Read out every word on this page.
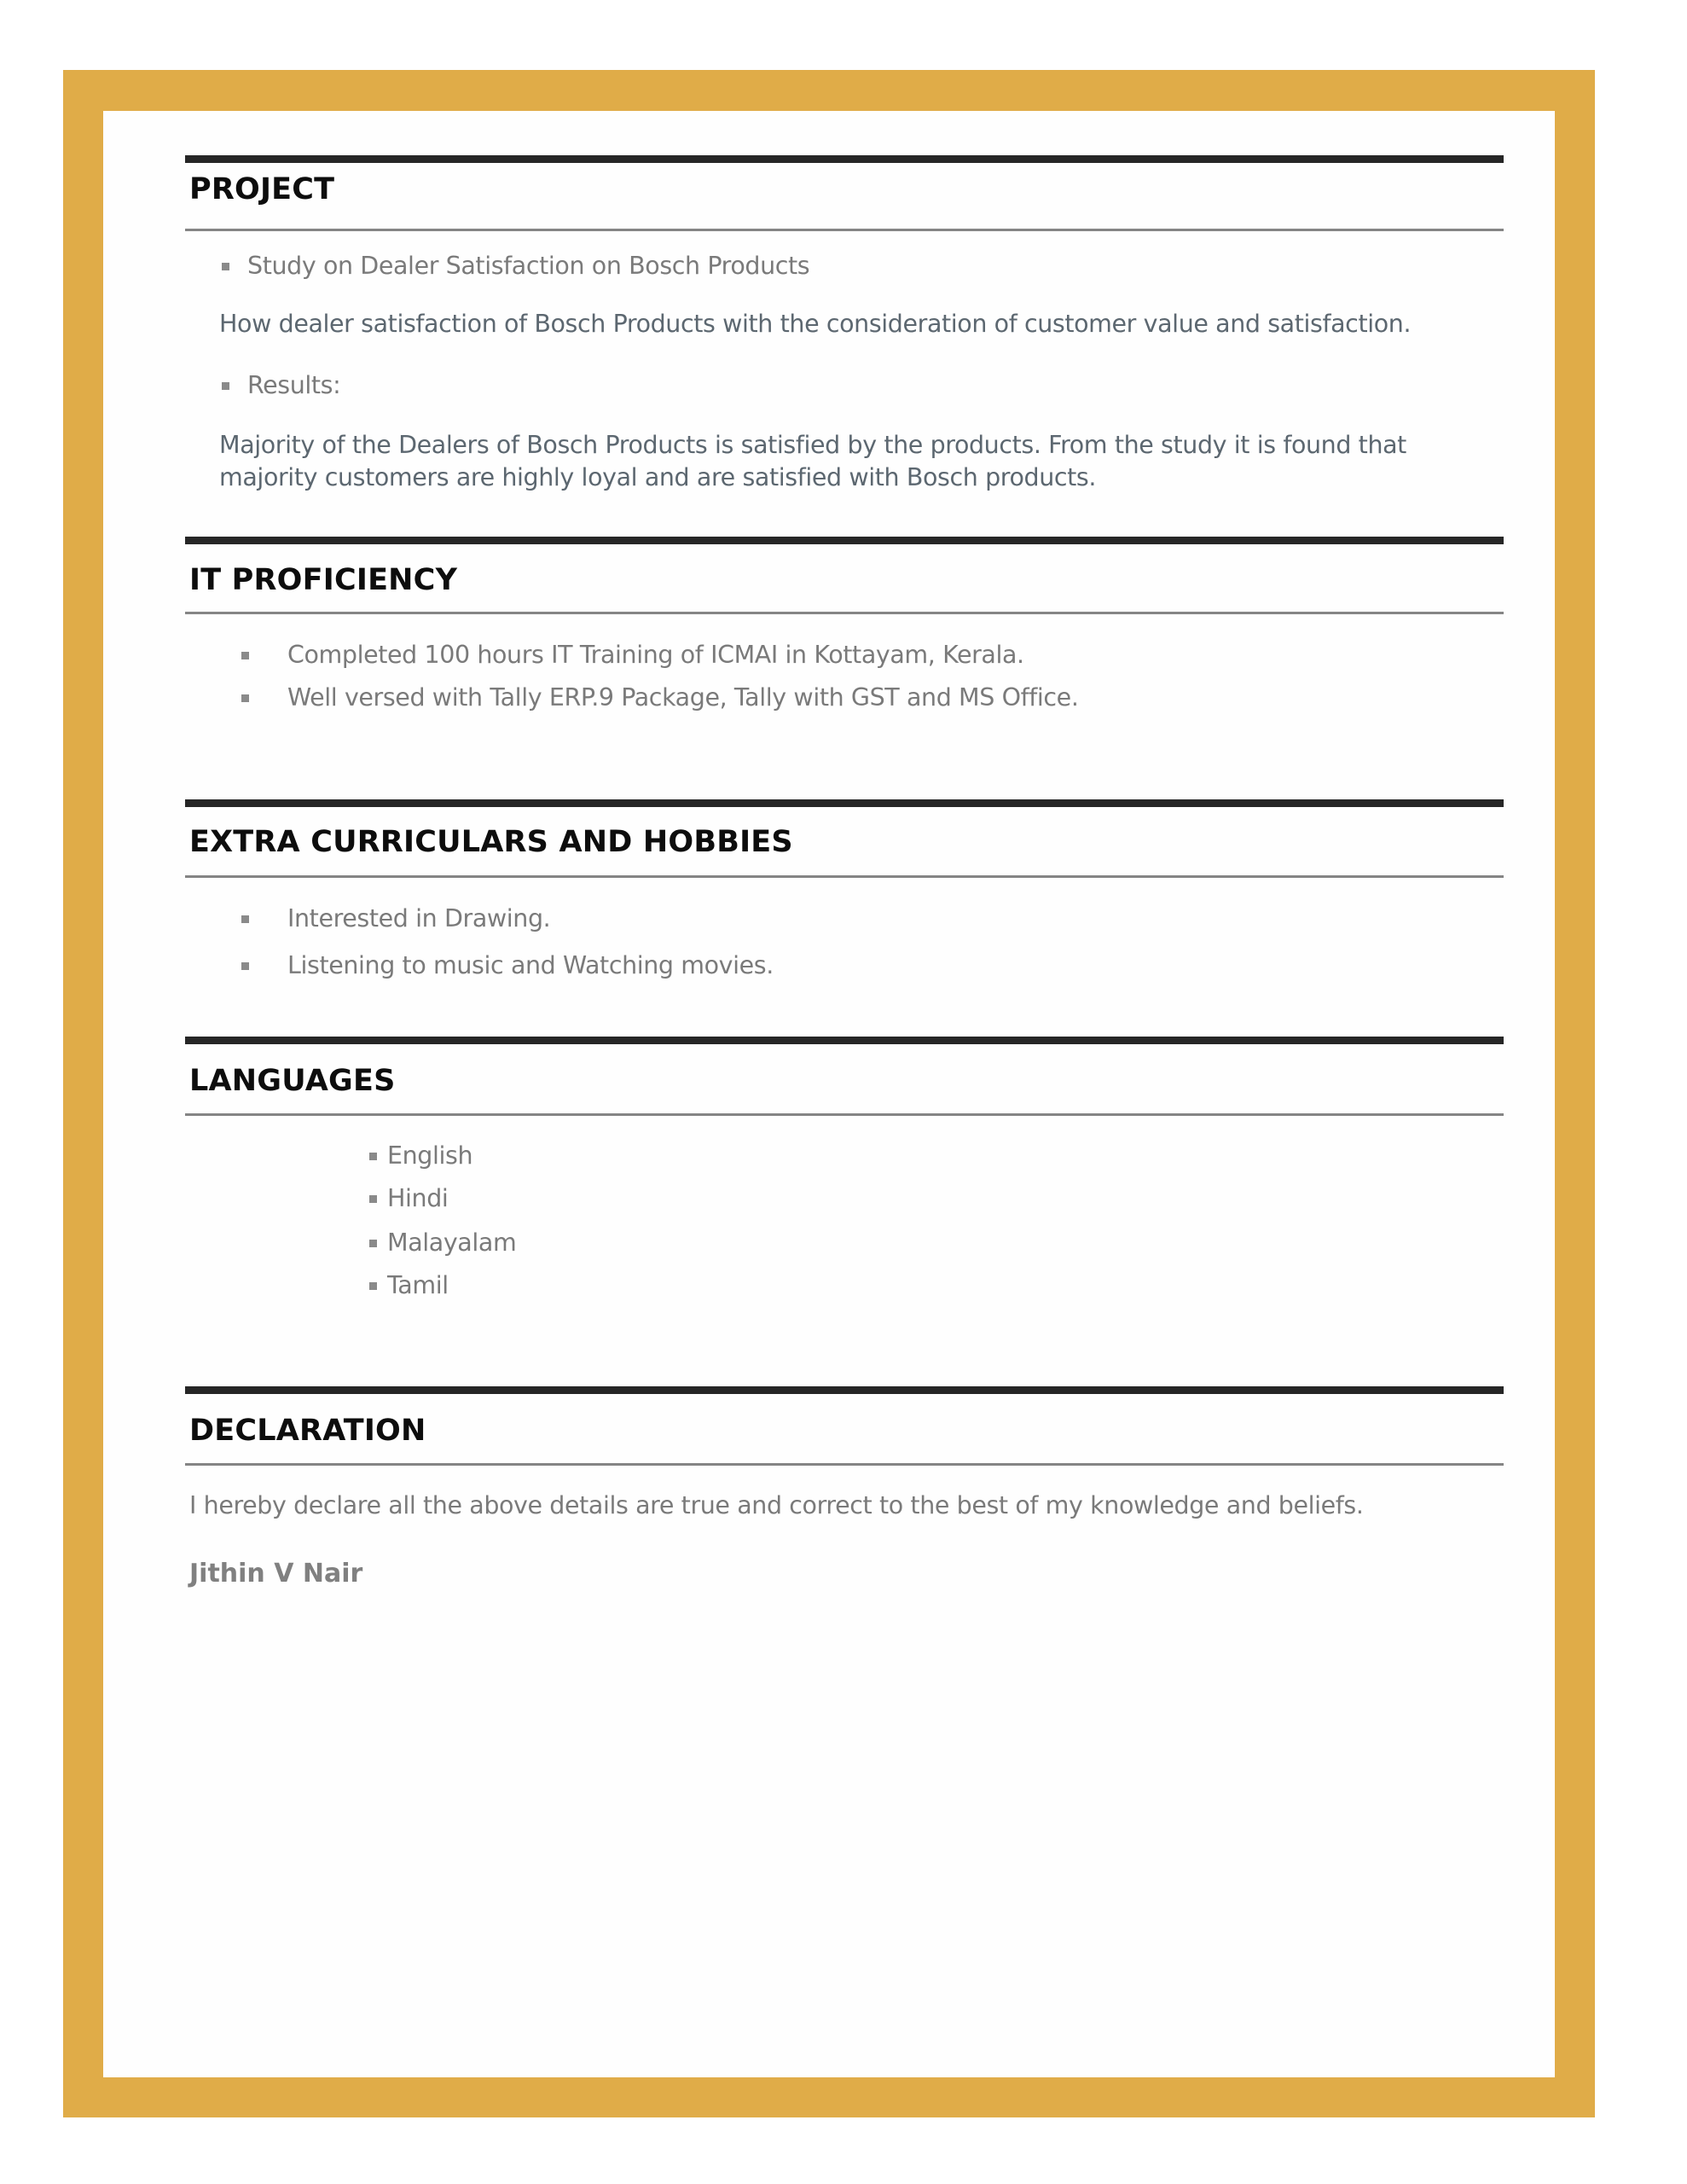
PROJECT
Study on Dealer Satisfaction on Bosch Products
How dealer satisfaction of Bosch Products with the consideration of customer value and satisfaction.
Results:
Majority of the Dealers of Bosch Products is satisfied by the products. From the study it is found that
majority customers are highly loyal and are satisfied with Bosch products.
IT PROFICIENCY
Completed 100 hours IT Training of ICMAI in Kottayam, Kerala.
Well versed with Tally ERP.9 Package, Tally with GST and MS Office.
EXTRA CURRICULARS AND HOBBIES
Interested in Drawing.
Listening to music and Watching movies.
LANGUAGES
English
Hindi
Malayalam
Tamil
DECLARATION
I hereby declare all the above details are true and correct to the best of my knowledge and beliefs.
Jithin V Nair
